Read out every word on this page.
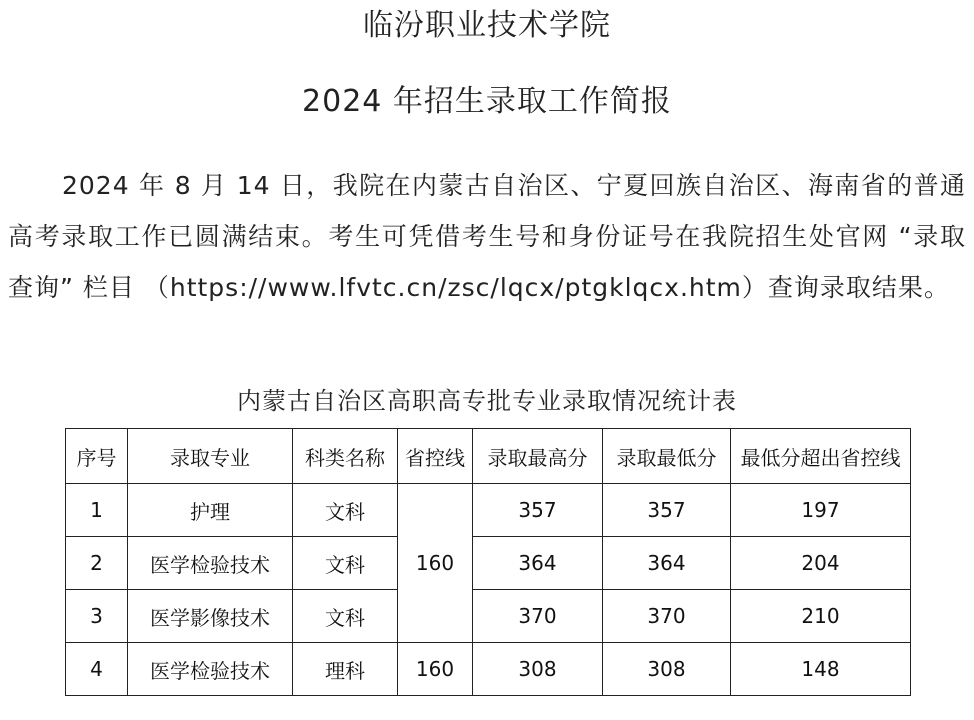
临汾职业技术学院
2024 年招生录取工作简报

2024 年 8 月 14 日，我院在内蒙古自治区、宁夏回族自治区、海南省的普通高考录取工作已圆满结束。考生可凭借考生号和身份证号在我院招生处官网 “录取查询” 栏目 （https://www.lfvtc.cn/zsc/lqcx/ptgklqcx.htm）查询录取结果。

内蒙古自治区高职高专批专业录取情况统计表
序号	录取专业	科类名称	省控线	录取最高分	录取最低分	最低分超出省控线
1	护理	文科	160	357	357	197
2	医学检验技术	文科		364	364	204
3	医学影像技术	文科		370	370	210
4	医学检验技术	理科	160	308	308	148
